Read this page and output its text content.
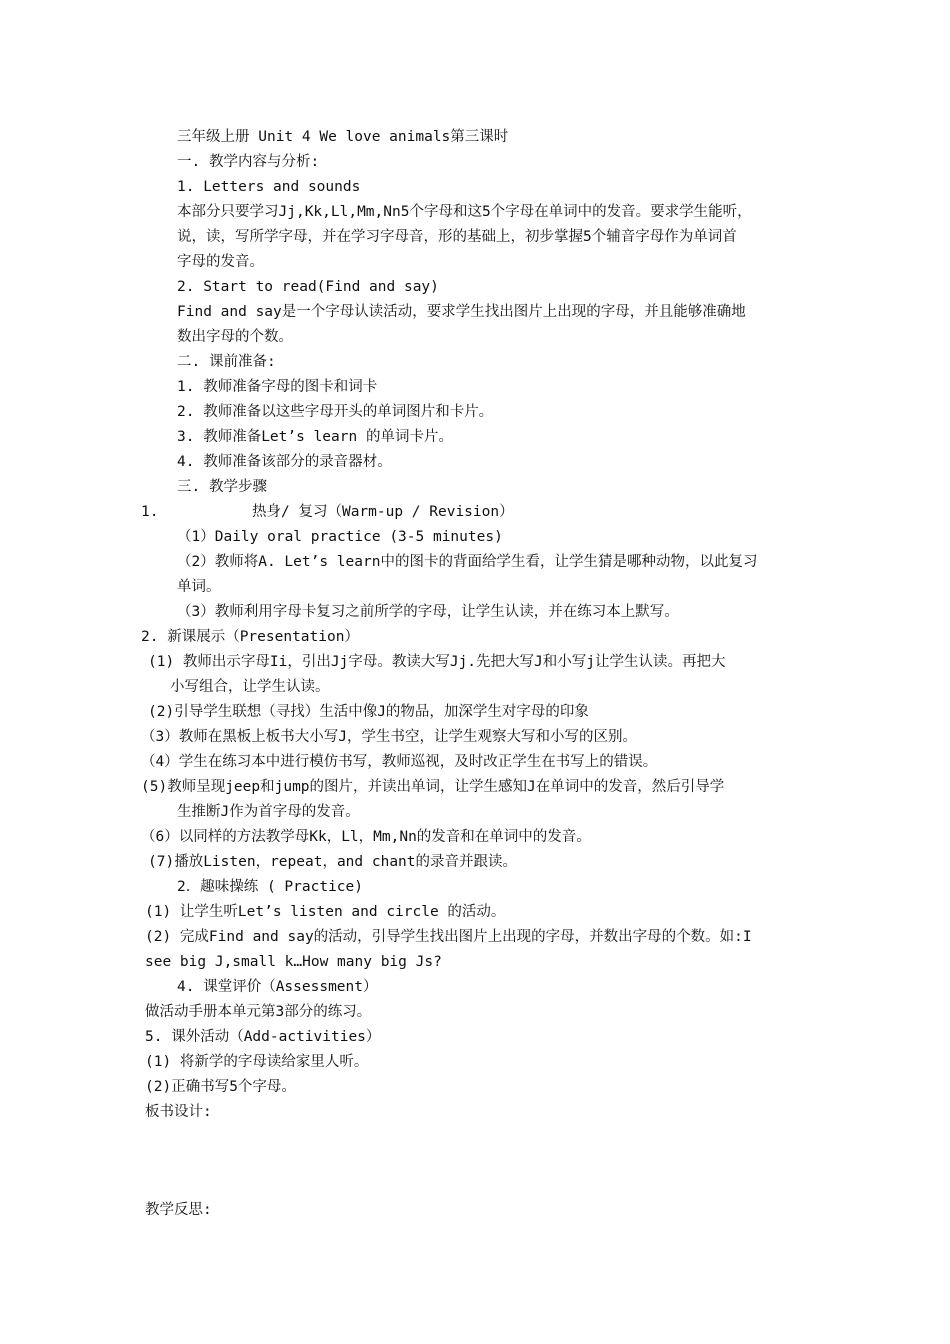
三年级上册 Unit 4 We love animals第三课时
一. 教学内容与分析:
1. Letters and sounds
本部分只要学习Jj,Kk,Ll,Mm,Nn5个字母和这5个字母在单词中的发音。要求学生能听，
说，读，写所学字母，并在学习字母音，形的基础上，初步掌握5个辅音字母作为单词首
字母的发音。
2. Start to read(Find and say)
Find and say是一个字母认读活动，要求学生找出图片上出现的字母，并且能够准确地
数出字母的个数。
二. 课前准备:
1. 教师准备字母的图卡和词卡
2. 教师准备以这些字母开头的单词图片和卡片。
3. 教师准备Let’s learn 的单词卡片。
4. 教师准备该部分的录音器材。
三. 教学步骤
1.	热身/ 复习（Warm-up / Revision）
（1）Daily oral practice (3-5 minutes)
（2）教师将A. Let’s learn中的图卡的背面给学生看，让学生猜是哪种动物，以此复习
单词。
（3）教师利用字母卡复习之前所学的字母，让学生认读，并在练习本上默写。
2. 新课展示（Presentation）
(1) 教师出示字母Ii，引出Jj字母。教读大写Jj.先把大写J和小写j让学生认读。再把大
小写组合，让学生认读。
(2)引导学生联想（寻找）生活中像J的物品，加深学生对字母的印象
（3）教师在黑板上板书大小写J，学生书空，让学生观察大写和小写的区别。
（4）学生在练习本中进行模仿书写，教师巡视，及时改正学生在书写上的错误。
(5)教师呈现jeep和jump的图片，并读出单词，让学生感知J在单词中的发音，然后引导学
生推断J作为首字母的发音。
（6）以同样的方法教学母Kk，Ll，Mm,Nn的发音和在单词中的发音。
(7)播放Listen，repeat，and chant的录音并跟读。
2．趣味操练 ( Practice)
(1) 让学生听Let’s listen and circle 的活动。
(2) 完成Find and say的活动，引导学生找出图片上出现的字母，并数出字母的个数。如:I
see big J,small k…How many big Js?
4. 课堂评价（Assessment）
做活动手册本单元第3部分的练习。
5. 课外活动（Add-activities）
(1) 将新学的字母读给家里人听。
(2)正确书写5个字母。
板书设计:
教学反思:
